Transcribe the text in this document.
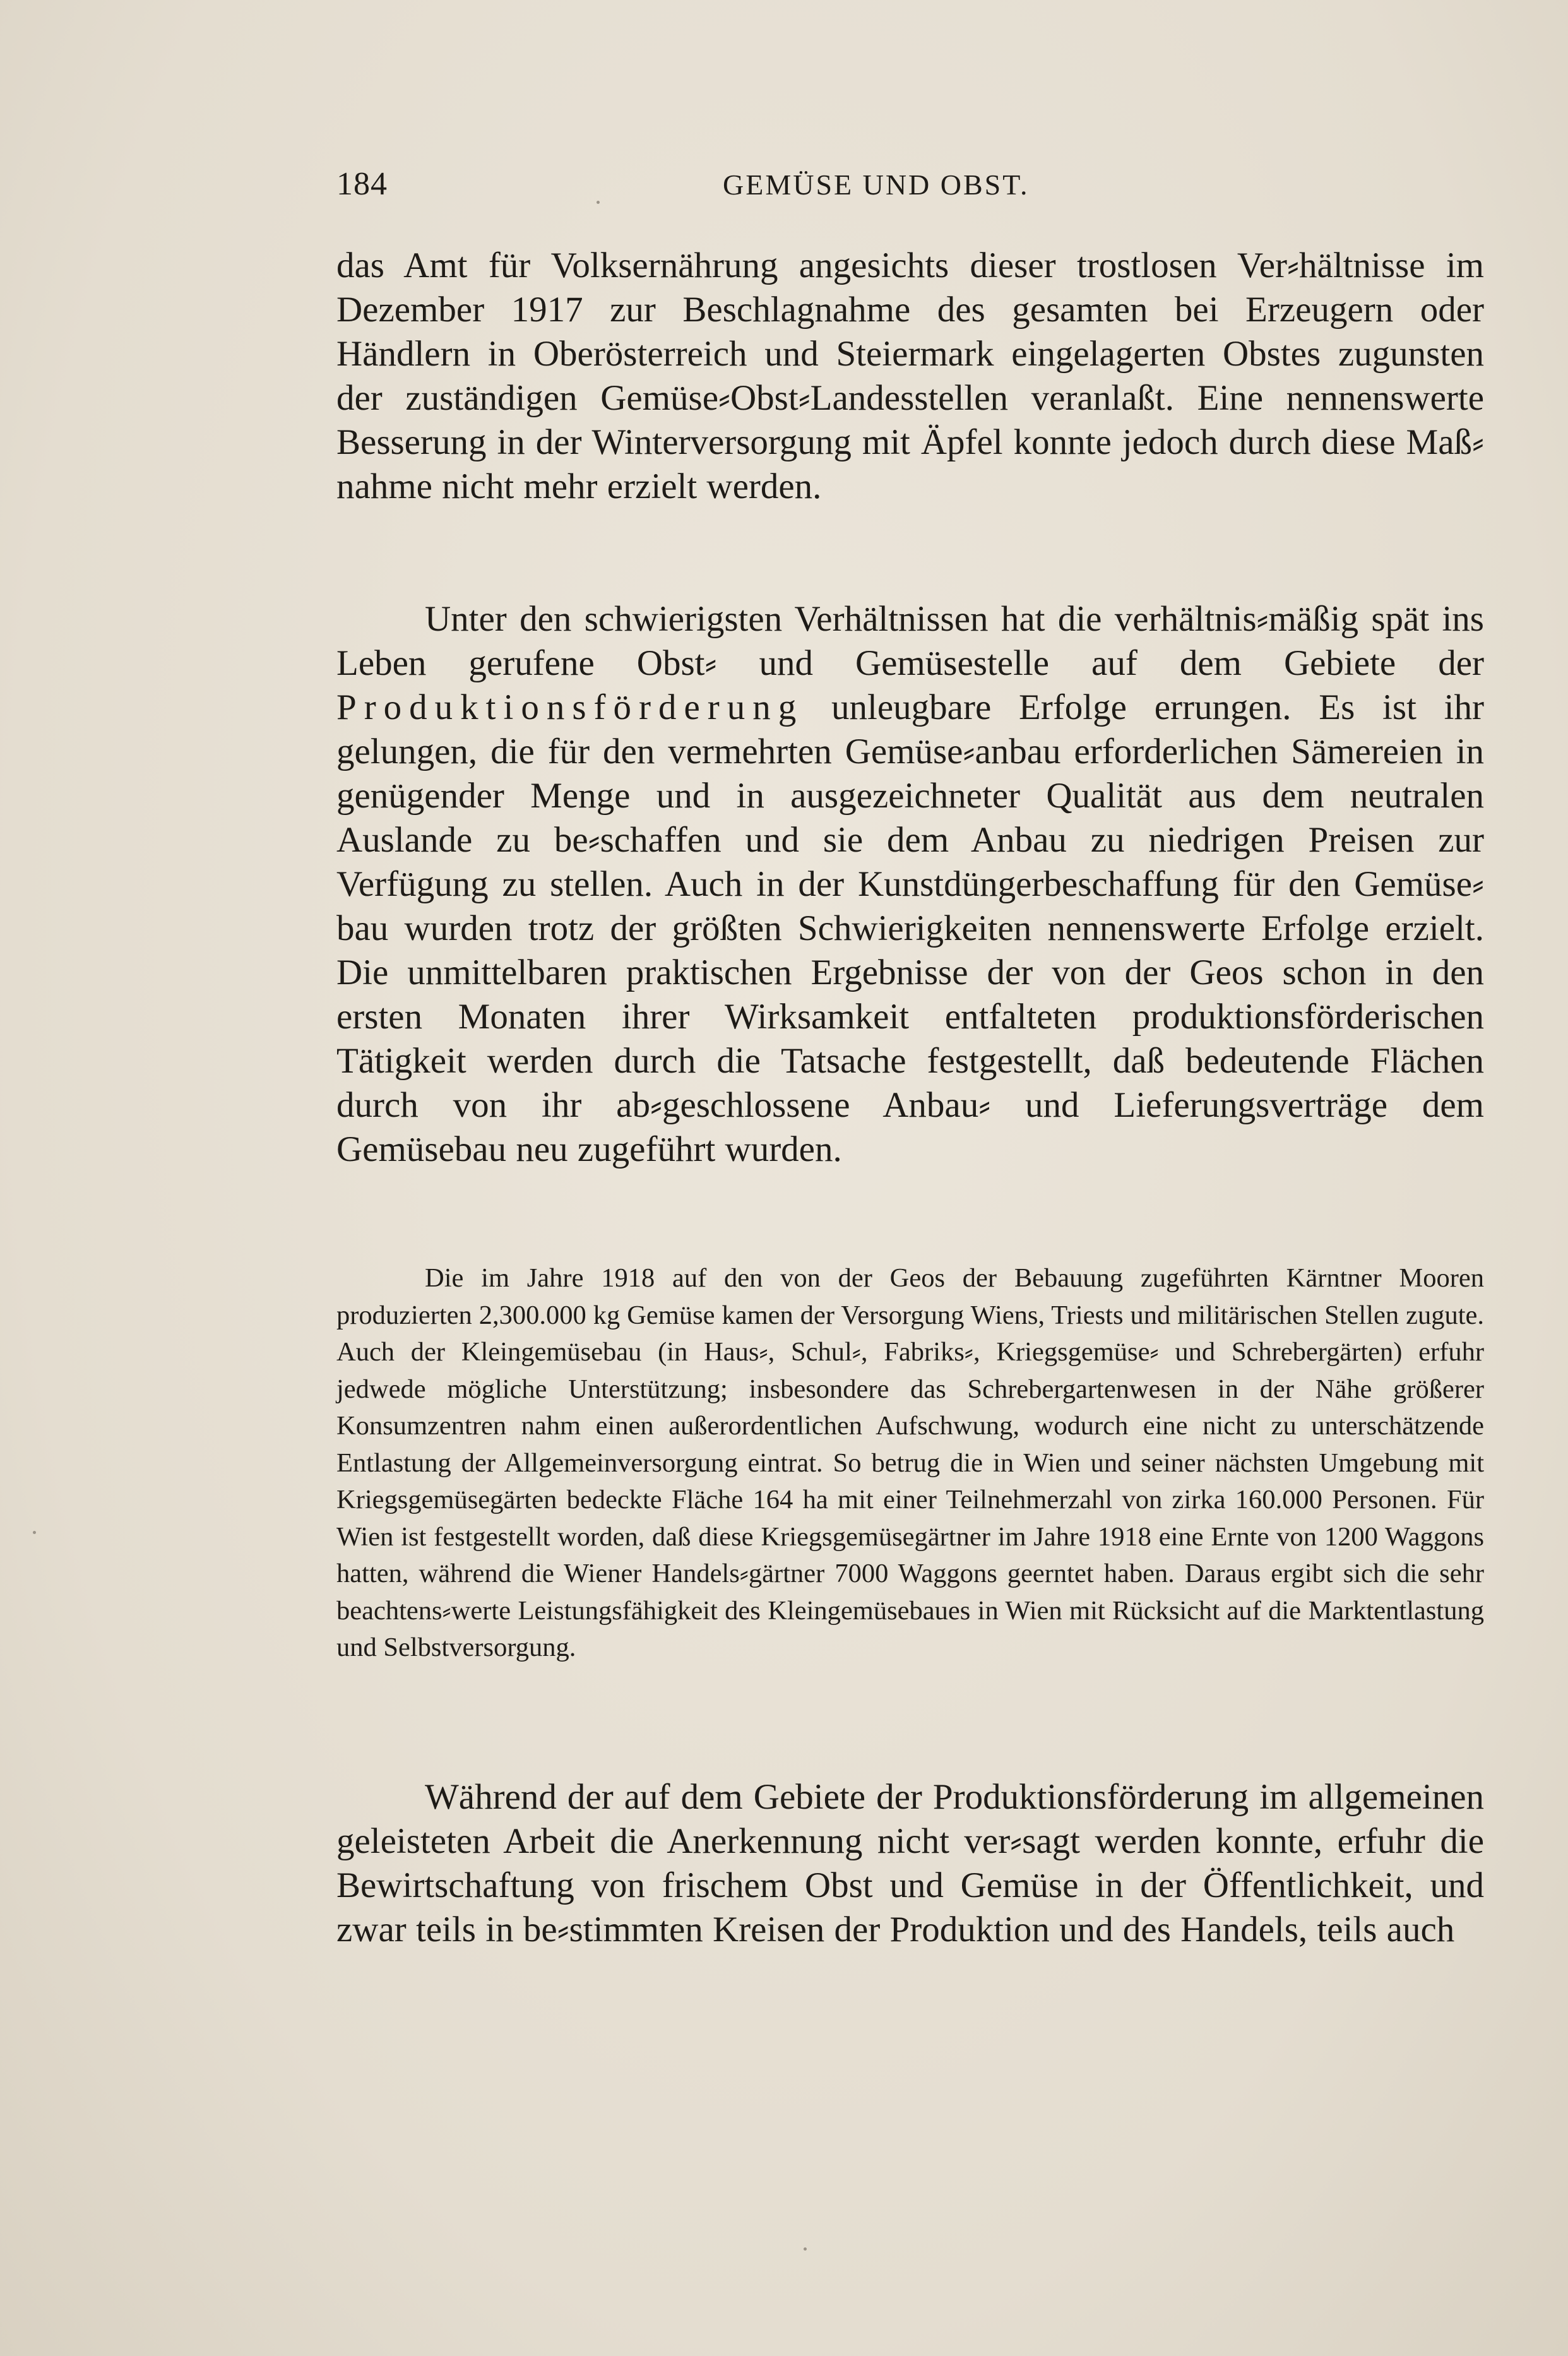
184	GEMÜSE UND OBST.

das Amt für Volksernährung angesichts dieser trostlosen Ver⸗hältnisse im Dezember 1917 zur Beschlagnahme des gesamten bei Erzeugern oder Händlern in Oberösterreich und Steiermark eingelagerten Obstes zugunsten der zuständigen Gemüse⸗Obst⸗Landesstellen veranlaßt. Eine nennenswerte Besserung in der Winterversorgung mit Äpfel konnte jedoch durch diese Maß⸗nahme nicht mehr erzielt werden.

Unter den schwierigsten Verhältnissen hat die verhältnis⸗mäßig spät ins Leben gerufene Obst⸗ und Gemüsestelle auf dem Gebiete der Produktionsförderung unleugbare Erfolge errungen. Es ist ihr gelungen, die für den vermehrten Gemüse⸗anbau erforderlichen Sämereien in genügender Menge und in ausgezeichneter Qualität aus dem neutralen Auslande zu be⸗schaffen und sie dem Anbau zu niedrigen Preisen zur Verfügung zu stellen. Auch in der Kunstdüngerbeschaffung für den Gemüse⸗bau wurden trotz der größten Schwierigkeiten nennenswerte Erfolge erzielt. Die unmittelbaren praktischen Ergebnisse der von der Geos schon in den ersten Monaten ihrer Wirksamkeit entfalteten produktionsförderischen Tätigkeit werden durch die Tatsache festgestellt, daß bedeutende Flächen durch von ihr ab⸗geschlossene Anbau⸗ und Lieferungsverträge dem Gemüsebau neu zugeführt wurden.

Die im Jahre 1918 auf den von der Geos der Bebauung zugeführten Kärntner Mooren produzierten 2,300.000 kg Gemüse kamen der Versorgung Wiens, Triests und militärischen Stellen zugute. Auch der Kleingemüsebau (in Haus⸗, Schul⸗, Fabriks⸗, Kriegsgemüse⸗ und Schrebergärten) erfuhr jedwede mögliche Unterstützung; insbesondere das Schrebergartenwesen in der Nähe größerer Konsumzentren nahm einen außerordentlichen Aufschwung, wodurch eine nicht zu unterschätzende Entlastung der Allgemeinversorgung eintrat. So betrug die in Wien und seiner nächsten Umgebung mit Kriegsgemüsegärten bedeckte Fläche 164 ha mit einer Teilnehmerzahl von zirka 160.000 Personen. Für Wien ist festgestellt worden, daß diese Kriegsgemüsegärtner im Jahre 1918 eine Ernte von 1200 Waggons hatten, während die Wiener Handels⸗gärtner 7000 Waggons geerntet haben. Daraus ergibt sich die sehr beachtens⸗werte Leistungsfähigkeit des Kleingemüsebaues in Wien mit Rücksicht auf die Marktentlastung und Selbstversorgung.

Während der auf dem Gebiete der Produktionsförderung im allgemeinen geleisteten Arbeit die Anerkennung nicht ver⸗sagt werden konnte, erfuhr die Bewirtschaftung von frischem Obst und Gemüse in der Öffentlichkeit, und zwar teils in be⸗stimmten Kreisen der Produktion und des Handels, teils auch
